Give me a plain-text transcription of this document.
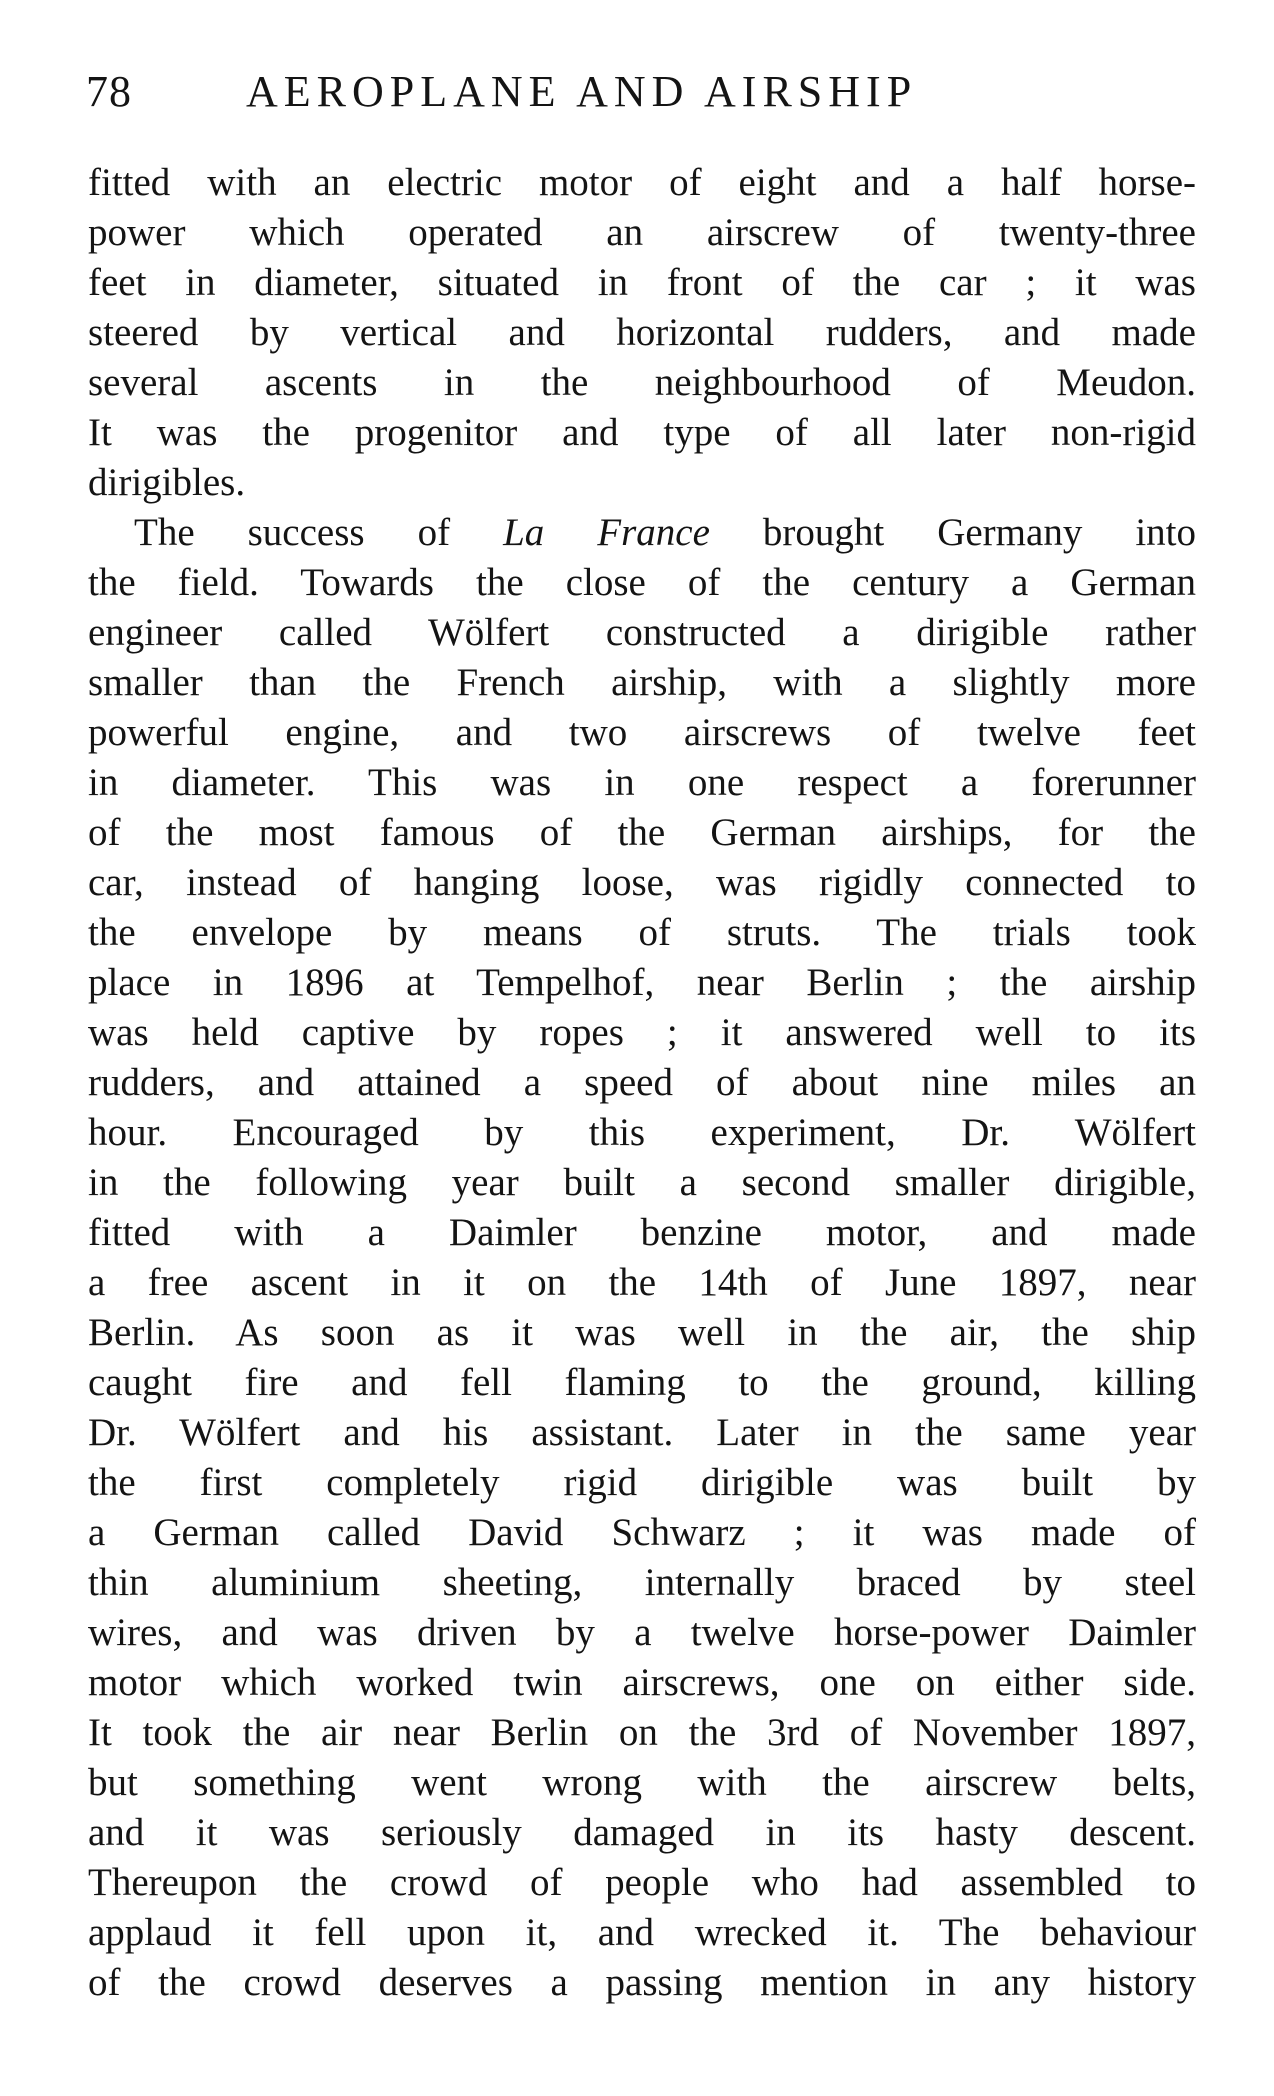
78	AEROPLANE AND AIRSHIP
fitted with an electric motor of eight and a half horse-
power which operated an airscrew of twenty-three
feet in diameter, situated in front of the car ; it was
steered by vertical and horizontal rudders, and made
several ascents in the neighbourhood of Meudon.
It was the progenitor and type of all later non-rigid
dirigibles.
The success of La France brought Germany into
the field. Towards the close of the century a German
engineer called Wölfert constructed a dirigible rather
smaller than the French airship, with a slightly more
powerful engine, and two airscrews of twelve feet
in diameter. This was in one respect a forerunner
of the most famous of the German airships, for the
car, instead of hanging loose, was rigidly connected to
the envelope by means of struts. The trials took
place in 1896 at Tempelhof, near Berlin ; the airship
was held captive by ropes ; it answered well to its
rudders, and attained a speed of about nine miles an
hour. Encouraged by this experiment, Dr. Wölfert
in the following year built a second smaller dirigible,
fitted with a Daimler benzine motor, and made
a free ascent in it on the 14th of June 1897, near
Berlin. As soon as it was well in the air, the ship
caught fire and fell flaming to the ground, killing
Dr. Wölfert and his assistant. Later in the same year
the first completely rigid dirigible was built by
a German called David Schwarz ; it was made of
thin aluminium sheeting, internally braced by steel
wires, and was driven by a twelve horse-power Daimler
motor which worked twin airscrews, one on either side.
It took the air near Berlin on the 3rd of November 1897,
but something went wrong with the airscrew belts,
and it was seriously damaged in its hasty descent.
Thereupon the crowd of people who had assembled to
applaud it fell upon it, and wrecked it. The behaviour
of the crowd deserves a passing mention in any history
